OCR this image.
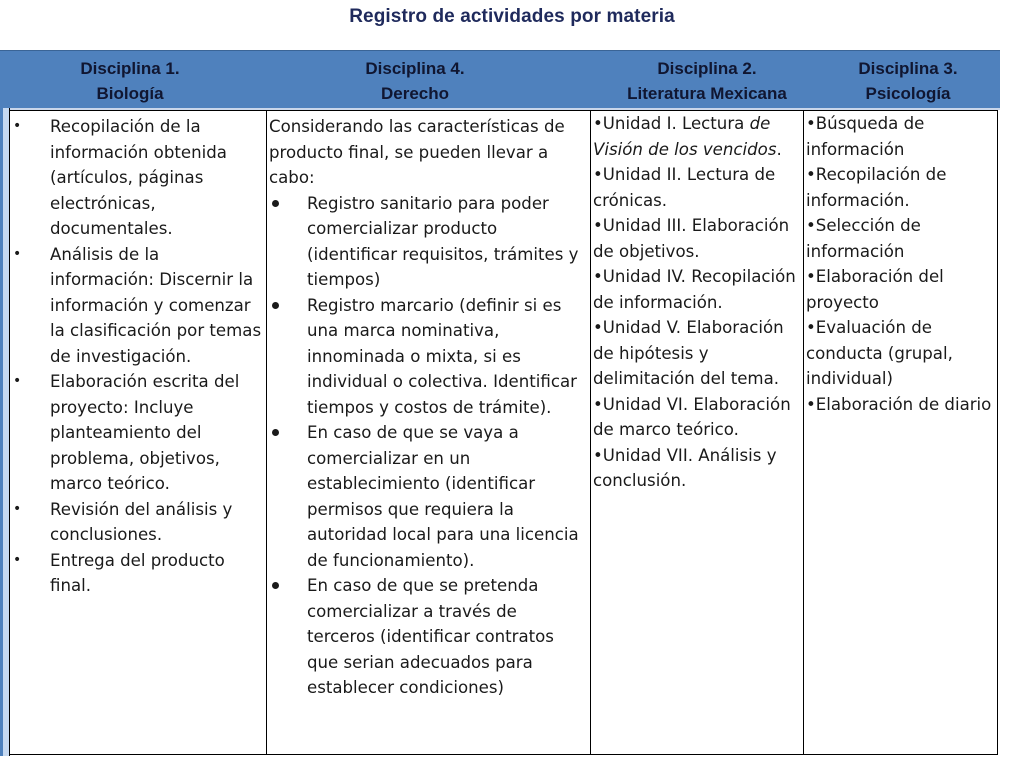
Registro de actividades por materia
Disciplina 1.
Biología
Disciplina 4.
Derecho
Disciplina 2.
Literatura Mexicana
Disciplina 3.
Psicología
• Recopilación de la información obtenida (artículos, páginas electrónicas, documentales.
• Análisis de la información: Discernir la información y comenzar la clasificación por temas de investigación.
• Elaboración escrita del proyecto: Incluye planteamiento del problema, objetivos, marco teórico.
• Revisión del análisis y conclusiones.
• Entrega del producto final.
Considerando las características de producto final, se pueden llevar a cabo:
Registro sanitario para poder comercializar producto (identificar requisitos, trámites y tiempos)
Registro marcario (definir si es una marca nominativa, innominada o mixta, si es individual o colectiva. Identificar tiempos y costos de trámite).
En caso de que se vaya a comercializar en un establecimiento (identificar permisos que requiera la autoridad local para una licencia de funcionamiento).
En caso de que se pretenda comercializar a través de terceros (identificar contratos que serian adecuados para establecer condiciones)
•Unidad I. Lectura de Visión de los vencidos.
•Unidad II. Lectura de crónicas.
•Unidad III. Elaboración de objetivos.
•Unidad IV. Recopilación de información.
•Unidad V. Elaboración de hipótesis y delimitación del tema.
•Unidad VI. Elaboración de marco teórico.
•Unidad VII. Análisis y conclusión.
•Búsqueda de información
•Recopilación de información.
•Selección de información
•Elaboración del proyecto
•Evaluación de conducta (grupal, individual)
•Elaboración de diario
